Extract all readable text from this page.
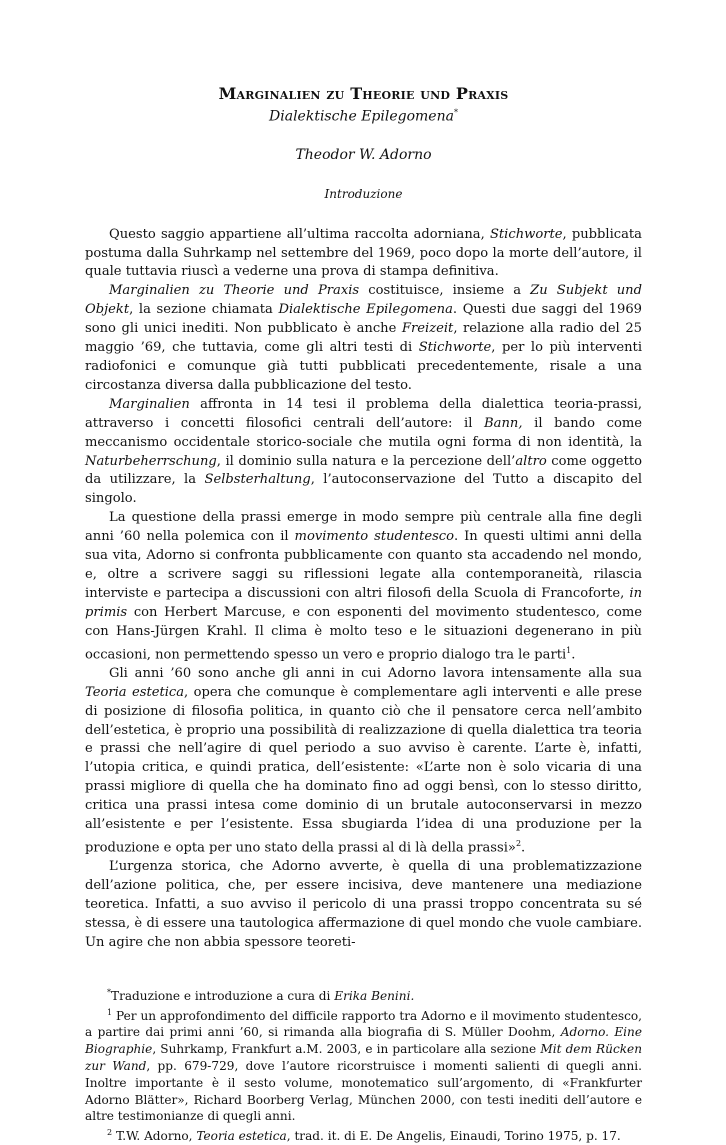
Marginalien zu Theorie und Praxis
Dialektische Epilegomena*
Theodor W. Adorno
Introduzione

Questo saggio appartiene all’ultima raccolta adorniana, Stichworte, pubblicata postuma dalla Suhrkamp nel settembre del 1969, poco dopo la morte dell’autore, il quale tuttavia riuscì a vederne una prova di stampa definitiva.

Marginalien zu Theorie und Praxis costituisce, insieme a Zu Subjekt und Objekt, la sezione chiamata Dialektische Epilegomena. Questi due saggi del 1969 sono gli unici inediti. Non pubblicato è anche Freizeit, relazione alla radio del 25 maggio ’69, che tuttavia, come gli altri testi di Stichworte, per lo più interventi radiofonici e comunque già tutti pubblicati precedentemente, risale a una circostanza diversa dalla pubblicazione del testo.

Marginalien affronta in 14 tesi il problema della dialettica teoria-prassi, attraverso i concetti filosofici centrali dell’autore: il Bann, il bando come meccanismo occidentale storico-sociale che mutila ogni forma di non identità, la Naturbeherrschung, il dominio sulla natura e la percezione dell’altro come oggetto da utilizzare, la Selbsterhaltung, l’autoconservazione del Tutto a discapito del singolo.

La questione della prassi emerge in modo sempre più centrale alla fine degli anni ’60 nella polemica con il movimento studentesco. In questi ultimi anni della sua vita, Adorno si confronta pubblicamente con quanto sta accadendo nel mondo, e, oltre a scrivere saggi su riflessioni legate alla contemporaneità, rilascia interviste e partecipa a discussioni con altri filosofi della Scuola di Francoforte, in primis con Herbert Marcuse, e con esponenti del movimento studentesco, come con Hans-Jürgen Krahl. Il clima è molto teso e le situazioni degenerano in più occasioni, non permettendo spesso un vero e proprio dialogo tra le parti$^1$.

Gli anni ’60 sono anche gli anni in cui Adorno lavora intensamente alla sua Teoria estetica, opera che comunque è complementare agli interventi e alle prese di posizione di filosofia politica, in quanto ciò che il pensatore cerca nell’ambito dell’estetica, è proprio una possibilità di realizzazione di quella dialettica tra teoria e prassi che nell’agire di quel periodo a suo avviso è carente. L’arte è, infatti, l’utopia critica, e quindi pratica, dell’esistente: «L’arte non è solo vicaria di una prassi migliore di quella che ha dominato fino ad oggi bensì, con lo stesso diritto, critica una prassi intesa come dominio di un brutale autoconservarsi in mezzo all’esistente e per l’esistente. Essa sbugiarda l’idea di una produzione per la produzione e opta per uno stato della prassi al di là della prassi»$^2$.

L’urgenza storica, che Adorno avverte, è quella di una problematizzazione dell’azione politica, che, per essere incisiva, deve mantenere una mediazione teoretica. Infatti, a suo avviso il pericolo di una prassi troppo concentrata su sé stessa, è di essere una tautologica affermazione di quel mondo che vuole cambiare. Un agire che non abbia spessore teoreti-

*Traduzione e introduzione a cura di Erika Benini.

$^1$ Per un approfondimento del difficile rapporto tra Adorno e il movimento studentesco, a partire dai primi anni ’60, si rimanda alla biografia di S. Müller Doohm, Adorno. Eine Biographie, Suhrkamp, Frankfurt a.M. 2003, e in particolare alla sezione Mit dem Rücken zur Wand, pp. 679-729, dove l’autore ricorstruisce i momenti salienti di quegli anni. Inoltre importante è il sesto volume, monotematico sull’argomento, di «Frankfurter Adorno Blätter», Richard Boorberg Verlag, München 2000, con testi inediti dell’autore e altre testimonianze di quegli anni.

$^2$ T.W. Adorno, Teoria estetica, trad. it. di E. De Angelis, Einaudi, Torino 1975, p. 17.
